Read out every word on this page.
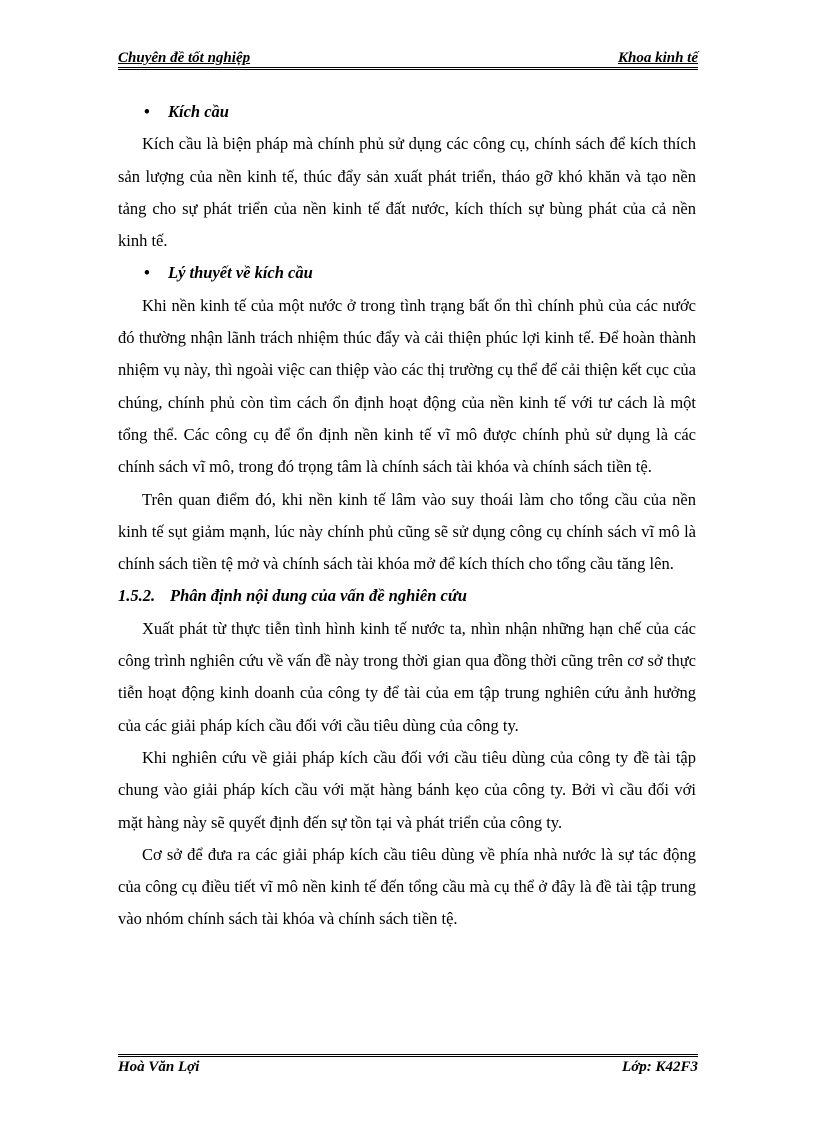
Chuyên đề tốt nghiệp	Khoa kinh tế
• Kích cầu

Kích cầu là biện pháp mà chính phủ sử dụng các công cụ, chính sách để kích thích sản lượng của nền kinh tế, thúc đẩy sản xuất phát triển, tháo gỡ khó khăn và tạo nền tảng cho sự phát triển của nền kinh tế đất nước, kích thích sự bùng phát của cả nền kinh tế.

• Lý thuyết về kích cầu

Khi nền kinh tế của một nước ở trong tình trạng bất ổn thì chính phủ của các nước đó thường nhận lãnh trách nhiệm thúc đẩy và cải thiện phúc lợi kinh tế. Để hoàn thành nhiệm vụ này, thì ngoài việc can thiệp vào các thị trường cụ thể để cải thiện kết cục của chúng, chính phủ còn tìm cách ổn định hoạt động của nền kinh tế với tư cách là một tổng thể. Các công cụ để ổn định nền kinh tế vĩ mô được chính phủ sử dụng là các chính sách vĩ mô, trong đó trọng tâm là chính sách tài khóa và chính sách tiền tệ.

Trên quan điểm đó, khi nền kinh tế lâm vào suy thoái làm cho tổng cầu của nền kinh tế sụt giảm mạnh, lúc này chính phủ cũng sẽ sử dụng công cụ chính sách vĩ mô là chính sách tiền tệ mở và chính sách tài khóa mở để kích thích cho tổng cầu tăng lên.

1.5.2. Phân định nội dung của vấn đề nghiên cứu

Xuất phát từ thực tiễn tình hình kinh tế nước ta, nhìn nhận những hạn chế của các công trình nghiên cứu về vấn đề này trong thời gian qua đồng thời cũng trên cơ sở thực tiễn hoạt động kinh doanh của công ty để tài của em tập trung nghiên cứu ảnh hưởng của các giải pháp kích cầu đối với cầu tiêu dùng của công ty.

Khi nghiên cứu về giải pháp kích cầu đối với cầu tiêu dùng của công ty đề tài tập chung vào giải pháp kích cầu với mặt hàng bánh kẹo của công ty. Bởi vì cầu đối với mặt hàng này sẽ quyết định đến sự tồn tại và phát triển của công ty.

Cơ sở để đưa ra các giải pháp kích cầu tiêu dùng về phía nhà nước là sự tác động của công cụ điều tiết vĩ mô nền kinh tế đến tổng cầu mà cụ thể ở đây là đề tài tập trung vào nhóm chính sách tài khóa và chính sách tiền tệ.

Hoà Văn Lợi	Lớp: K42F3
